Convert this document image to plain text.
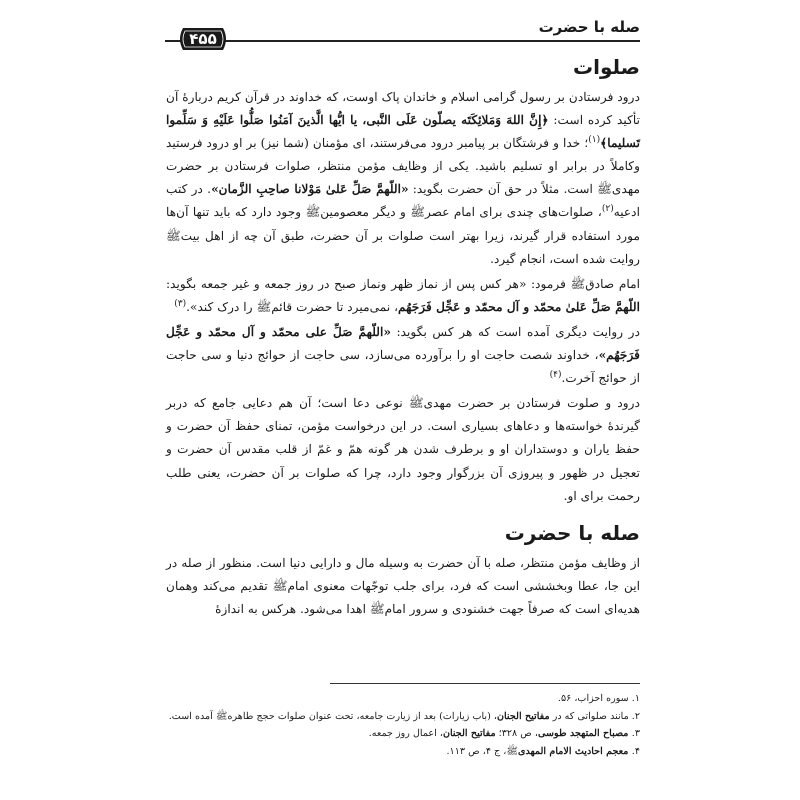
صله با حضرت
۴۵۵
صلوات

درود فرستادن بر رسول گرامی اسلام و خاندان پاک اوست، که خداوند در قرآن کریم دربارهٔ آن تأکید کرده است: ﴿إِنَّ اللهَ وَمَلائِکَتَه یصلّون عَلَی النَّبی، یا ایُّها الَّذینَ آمَنُوا صَلُّوا عَلَیْهِ وَ سَلِّموا تَسلیما﴾$^{(۱)}$؛ خدا و فرشتگان بر پیامبر درود می‌فرستند، ای مؤمنان (شما نیز) بر او درود فرستید وکاملاً در برابر او تسلیم باشید. یکی از وظایف مؤمن منتظر، صلوات فرستادن بر حضرت مهدیﷺ است. مثلاً در حق آن حضرت بگوید: «اللّهمَّ صَلِّ عَلیٰ مَوْلانا صاحِبِ الزَّمان». در کتب ادعیه$^{(۲)}$، صلوات‌های چندی برای امام عصرﷺ و دیگر معصومینﷺ وجود دارد که باید تنها آن‌ها مورد استفاده قرار گیرند، زیرا بهتر است صلوات بر آن حضرت، طبق آن چه از اهل بیتﷺ روایت شده است، انجام گیرد.

امام صادقﷺ فرمود: «هر کس پس از نماز ظهر ونماز صبح در روز جمعه و غیر جمعه بگوید: اللّهمَّ صَلِّ عَلیٰ محمّد و آل محمّد و عَجِّل فَرَجَهُم، نمی‌میرد تا حضرت قائمﷺ را درک کند».$^{(۳)}$

در روایت دیگری آمده است که هر کس بگوید: «اللّهمَّ صَلِّ علی محمّد و آل محمّد و عَجِّل فَرَجَهُم»، خداوند شصت حاجت او را برآورده می‌سازد، سی حاجت از حوائج دنیا و سی حاجت از حوائج آخرت.$^{(۴)}$

درود و صلوت فرستادن بر حضرت مهدیﷺ نوعی دعا است؛ آن هم دعایی جامع که دربر گیرندهٔ خواسته‌ها و دعاهای بسیاری است. در این درخواست مؤمن، تمنای حفظ آن حضرت و حفظ یاران و دوستداران او و برطرف شدن هر گونه همّ و غمّ از قلب مقدس آن حضرت و تعجیل در ظهور و پیروزی آن بزرگوار وجود دارد، چرا که صلوات بر آن حضرت، یعنی طلب رحمت برای او.

صله با حضرت

از وظایف مؤمن منتظر، صله با آن حضرت به وسیله مال و دارایی دنیا است. منظور از صله در این جا، عطا وبخششی است که فرد، برای جلب توجّهات معنوی امامﷺ تقدیم می‌کند وهمان هدیه‌ای است که صرفاً جهت خشنودی و سرور امامﷺ اهدا می‌شود. هرکس به اندازهٔ

۱. سوره احزاب، ۵۶.

۲. مانند صلواتی که در مفاتیح الجنان، (باب زیارات) بعد از زیارت جامعه، تحت عنوان صلوات حجج طاهرهﷺ آمده است.

۳. مصباح المتهجد طوسی، ص ۳۲۸؛ مفاتیح الجنان، اعمال روز جمعه.

۴. معجم احادیث الامام المهدیﷺ، ج ۴، ص ۱۱۳.
